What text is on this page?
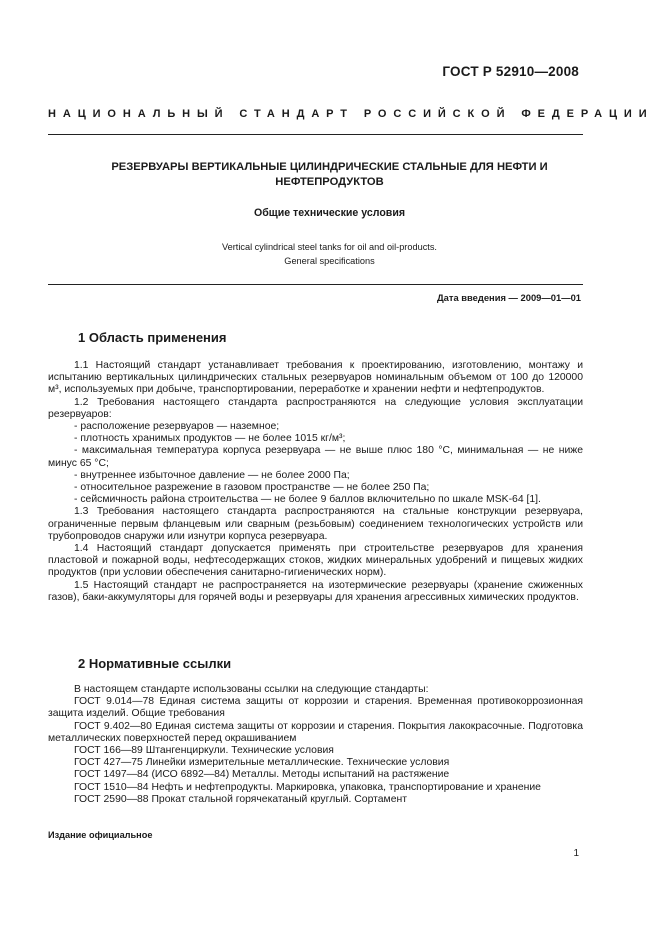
ГОСТ Р 52910—2008
НАЦИОНАЛЬНЫЙ СТАНДАРТ РОССИЙСКОЙ ФЕДЕРАЦИИ
РЕЗЕРВУАРЫ ВЕРТИКАЛЬНЫЕ ЦИЛИНДРИЧЕСКИЕ СТАЛЬНЫЕ ДЛЯ НЕФТИ И
НЕФТЕПРОДУКТОВ
Общие технические условия
Vertical cylindrical steel tanks for oil and oil-products.
General specifications
Дата введения — 2009—01—01
1 Область применения

1.1 Настоящий стандарт устанавливает требования к проектированию, изготовлению, монтажу и испытанию вертикальных цилиндрических стальных резервуаров номинальным объемом от 100 до 120000 м³, используемых при добыче, транспортировании, переработке и хранении нефти и нефтепродуктов.

1.2 Требования настоящего стандарта распространяются на следующие условия эксплуатации резервуаров:

- расположение резервуаров — наземное;

- плотность хранимых продуктов — не более 1015 кг/м³;

- максимальная температура корпуса резервуара — не выше плюс 180 °С, минимальная — не ниже минус 65 °С;

- внутреннее избыточное давление — не более 2000 Па;

- относительное разрежение в газовом пространстве — не более 250 Па;

- сейсмичность района строительства — не более 9 баллов включительно по шкале MSK-64 [1].

1.3 Требования настоящего стандарта распространяются на стальные конструкции резервуара, ограниченные первым фланцевым или сварным (резьбовым) соединением технологических устройств или трубопроводов снаружи или изнутри корпуса резервуара.

1.4 Настоящий стандарт допускается применять при строительстве резервуаров для хранения пластовой и пожарной воды, нефтесодержащих стоков, жидких минеральных удобрений и пищевых жидких продуктов (при условии обеспечения санитарно-гигиенических норм).

1.5 Настоящий стандарт не распространяется на изотермические резервуары (хранение сжиженных газов), баки-аккумуляторы для горячей воды и резервуары для хранения агрессивных химических продуктов.

2 Нормативные ссылки

В настоящем стандарте использованы ссылки на следующие стандарты:

ГОСТ 9.014—78 Единая система защиты от коррозии и старения. Временная противокоррозионная защита изделий. Общие требования

ГОСТ 9.402—80 Единая система защиты от коррозии и старения. Покрытия лакокрасочные. Подготовка металлических поверхностей перед окрашиванием

ГОСТ 166—89 Штангенциркули. Технические условия

ГОСТ 427—75 Линейки измерительные металлические. Технические условия

ГОСТ 1497—84 (ИСО 6892—84) Металлы. Методы испытаний на растяжение

ГОСТ 1510—84 Нефть и нефтепродукты. Маркировка, упаковка, транспортирование и хранение

ГОСТ 2590—88 Прокат стальной горячекатаный круглый. Сортамент

Издание официальное
1
